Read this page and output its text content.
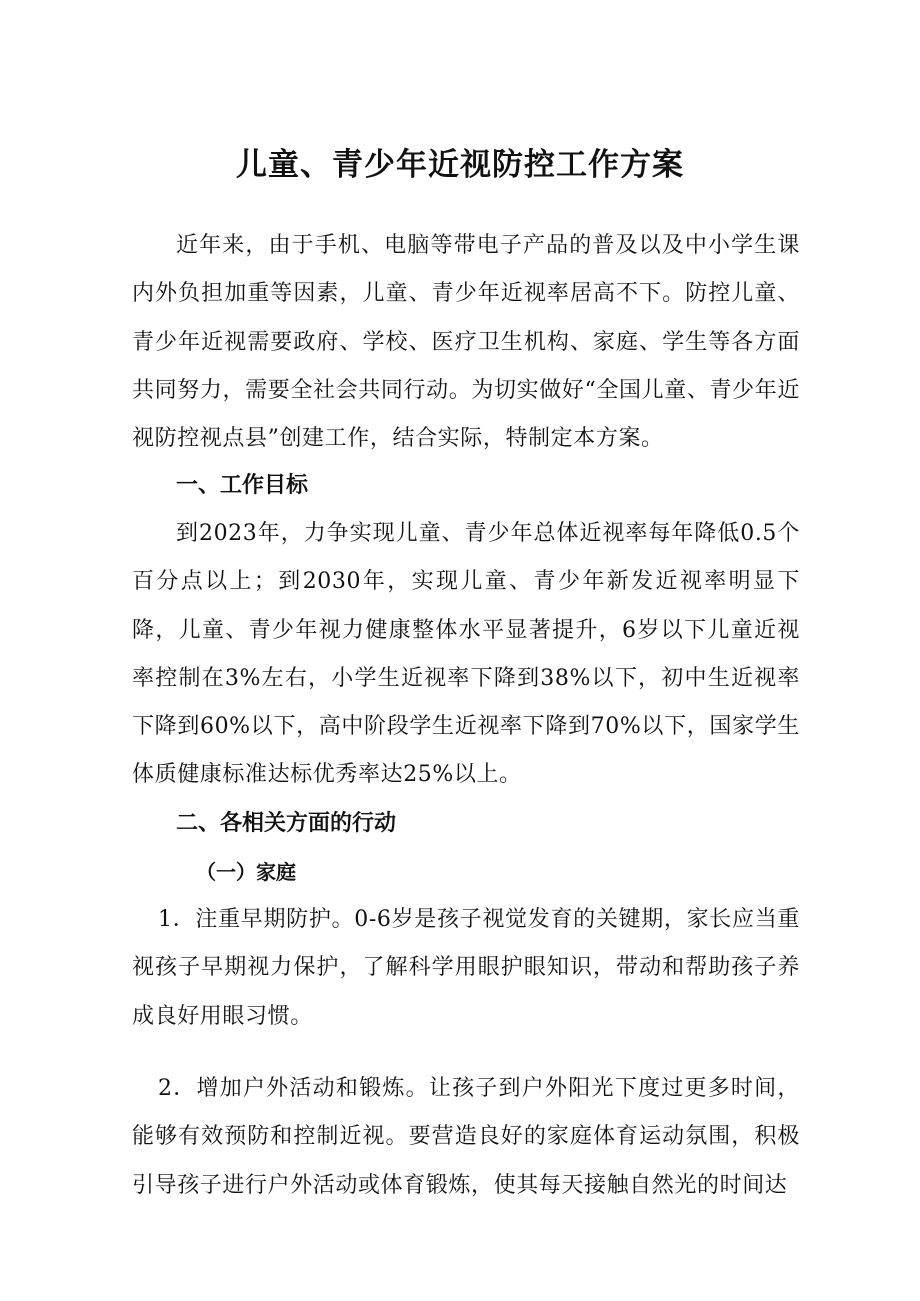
儿童、青少年近视防控工作方案

近年来，由于手机、电脑等带电子产品的普及以及中小学生课内外负担加重等因素，儿童、青少年近视率居高不下。防控儿童、青少年近视需要政府、学校、医疗卫生机构、家庭、学生等各方面共同努力，需要全社会共同行动。为切实做好“全国儿童、青少年近视防控视点县”创建工作，结合实际，特制定本方案。

一、工作目标

到2023年，力争实现儿童、青少年总体近视率每年降低0.5个百分点以上；到2030年，实现儿童、青少年新发近视率明显下降，儿童、青少年视力健康整体水平显著提升，6岁以下儿童近视率控制在3%左右，小学生近视率下降到38%以下，初中生近视率下降到60%以下，高中阶段学生近视率下降到70%以下，国家学生体质健康标准达标优秀率达25%以上。

二、各相关方面的行动
（一）家庭

1．注重早期防护。0-6岁是孩子视觉发育的关键期，家长应当重视孩子早期视力保护，了解科学用眼护眼知识，带动和帮助孩子养成良好用眼习惯。

2．增加户外活动和锻炼。让孩子到户外阳光下度过更多时间，能够有效预防和控制近视。要营造良好的家庭体育运动氛围，积极引导孩子进行户外活动或体育锻炼，使其每天接触自然光的时间达
